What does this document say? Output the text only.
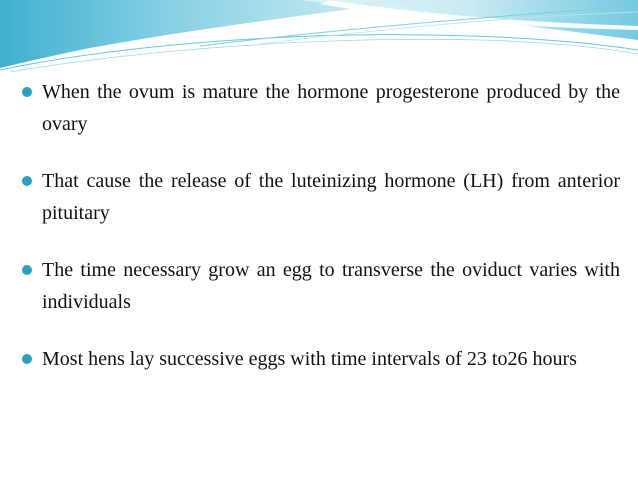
When the ovum is mature the hormone progesterone produced by the ovary
That cause the release of the luteinizing hormone (LH) from anterior pituitary
The time necessary grow an egg to transverse the oviduct varies with individuals
Most hens lay successive eggs with time intervals of 23 to26 hours
